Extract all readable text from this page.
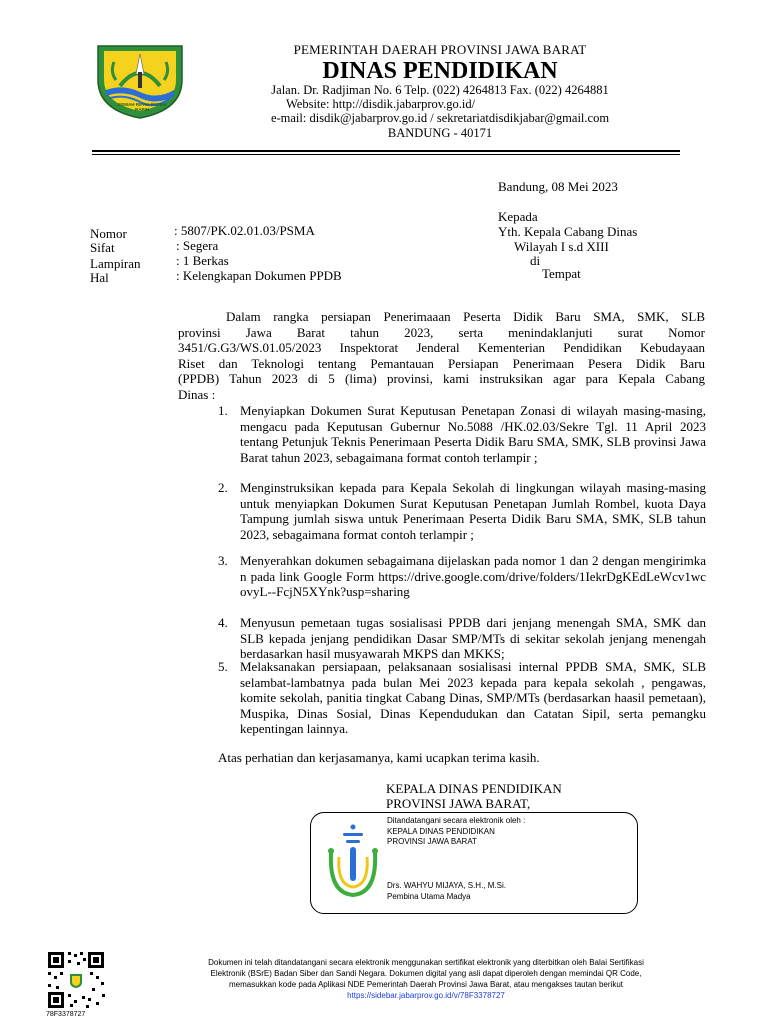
GEMAH RIPAH REPEH RAPIH
PEMERINTAH DAERAH PROVINSI JAWA BARAT
DINAS PENDIDIKAN
Jalan. Dr. Radjiman No. 6 Telp. (022) 4264813 Fax. (022) 4264881
Website: http://disdik.jabarprov.go.id/
e-mail: disdik@jabarprov.go.id / sekretariatdisdikjabar@gmail.com
BANDUNG - 40171
Bandung, 08 Mei 2023
Kepada
Yth. Kepala Cabang Dinas
Wilayah I s.d XIII
di
Tempat
Nomor	: 5807/PK.02.01.03/PSMA
Sifat	: Segera
Lampiran	: 1 Berkas
Hal	: Kelengkapan Dokumen PPDB
Dalam rangka persiapan Penerimaaan Peserta Didik Baru SMA, SMK, SLB
provinsi Jawa Barat tahun 2023, serta menindaklanjuti surat Nomor
3451/G.G3/WS.01.05/2023 Inspektorat Jenderal Kementerian Pendidikan Kebudayaan
Riset dan Teknologi tentang Pemantauan Persiapan Penerimaan Pesera Didik Baru
(PPDB) Tahun 2023 di 5 (lima) provinsi, kami instruksikan agar para Kepala Cabang
Dinas :
1. Menyiapkan Dokumen Surat Keputusan Penetapan Zonasi di wilayah masing-masing, mengacu pada Keputusan Gubernur No.5088 /HK.02.03/Sekre Tgl. 11 April 2023 tentang Petunjuk Teknis Penerimaan Peserta Didik Baru SMA, SMK, SLB provinsi Jawa Barat tahun 2023, sebagaimana format contoh terlampir ;
2. Menginstruksikan kepada para Kepala Sekolah di lingkungan wilayah masing-masing untuk menyiapkan Dokumen Surat Keputusan Penetapan Jumlah Rombel, kuota Daya Tampung jumlah siswa untuk Penerimaan Peserta Didik Baru SMA, SMK, SLB tahun 2023, sebagaimana format contoh terlampir ;
3. Menyerahkan dokumen sebagaimana dijelaskan pada nomor 1 dan 2 dengan mengirimkan pada link Google Form https://drive.google.com/drive/folders/1IekrDgKEdLeWcv1wcovyL--FcjN5XYnk?usp=sharing
4. Menyusun pemetaan tugas sosialisasi PPDB dari jenjang menengah SMA, SMK dan SLB kepada jenjang pendidikan Dasar SMP/MTs di sekitar sekolah jenjang menengah berdasarkan hasil musyawarah MKPS dan MKKS;
5. Melaksanakan persiapaan, pelaksanaan sosialisasi internal PPDB SMA, SMK, SLB selambat-lambatnya pada bulan Mei 2023 kepada para kepala sekolah , pengawas, komite sekolah, panitia tingkat Cabang Dinas, SMP/MTs (berdasarkan haasil pemetaan), Muspika, Dinas Sosial, Dinas Kependudukan dan Catatan Sipil, serta pemangku kepentingan lainnya.
Atas perhatian dan kerjasamanya, kami ucapkan terima kasih.
KEPALA DINAS PENDIDIKAN
PROVINSI JAWA BARAT,
Ditandatangani secara elektronik oleh :
KEPALA DINAS PENDIDIKAN
PROVINSI JAWA BARAT
Drs. WAHYU MIJAYA, S.H., M.Si.
Pembina Utama Madya
78F3378727
Dokumen ini telah ditandatangani secara elektronik menggunakan sertifikat elektronik yang diterbitkan oleh Balai Sertifikasi
Elektronik (BSrE) Badan Siber dan Sandi Negara. Dokumen digital yang asli dapat diperoleh dengan memindai QR Code,
memasukkan kode pada Aplikasi NDE Pemerintah Daerah Provinsi Jawa Barat, atau mengakses tautan berikut
https://sidebar.jabarprov.go.id/v/78F3378727
